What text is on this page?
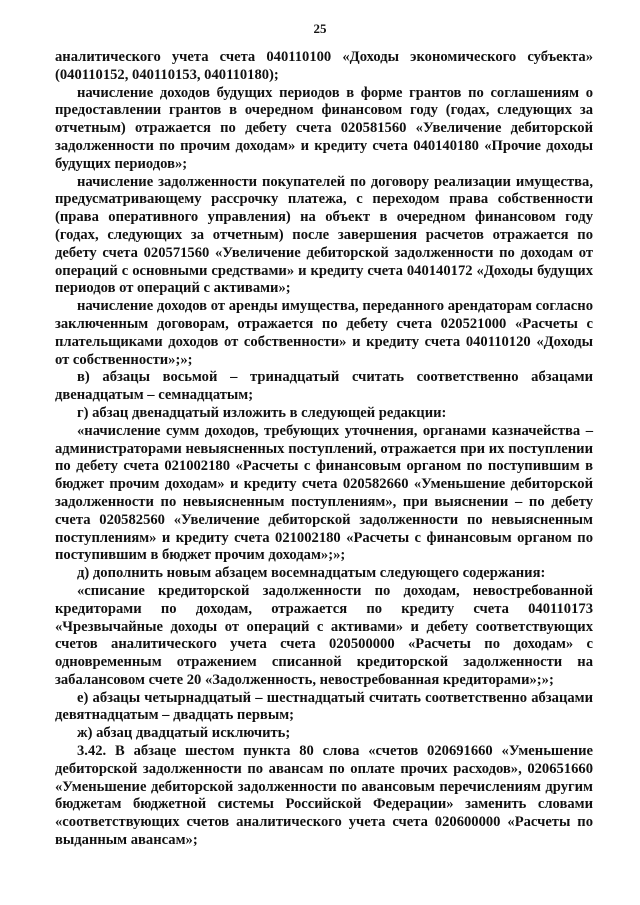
25

аналитического учета счета 040110100 «Доходы экономического субъекта» (040110152, 040110153, 040110180);

начисление доходов будущих периодов в форме грантов по соглашениям о предоставлении грантов в очередном финансовом году (годах, следующих за отчетным) отражается по дебету счета 020581560 «Увеличение дебиторской задолженности по прочим доходам» и кредиту счета 040140180 «Прочие доходы будущих периодов»;

начисление задолженности покупателей по договору реализации имущества, предусматривающему рассрочку платежа, с переходом права собственности (права оперативного управления) на объект в очередном финансовом году (годах, следующих за отчетным) после завершения расчетов отражается по дебету счета 020571560 «Увеличение дебиторской задолженности по доходам от операций с основными средствами» и кредиту счета 040140172 «Доходы будущих периодов от операций с активами»;

начисление доходов от аренды имущества, переданного арендаторам согласно заключенным договорам, отражается по дебету счета 020521000 «Расчеты с плательщиками доходов от собственности» и кредиту счета 040110120 «Доходы от собственности»;»;

в) абзацы восьмой – тринадцатый считать соответственно абзацами двенадцатым – семнадцатым;

г) абзац двенадцатый изложить в следующей редакции:

«начисление сумм доходов, требующих уточнения, органами казначейства – администраторами невыясненных поступлений, отражается при их поступлении по дебету счета 021002180 «Расчеты с финансовым органом по поступившим в бюджет прочим доходам» и кредиту счета 020582660 «Уменьшение дебиторской задолженности по невыясненным поступлениям», при выяснении – по дебету счета 020582560 «Увеличение дебиторской задолженности по невыясненным поступлениям» и кредиту счета 021002180 «Расчеты с финансовым органом по поступившим в бюджет прочим доходам»;»;

д) дополнить новым абзацем восемнадцатым следующего содержания:

«списание кредиторской задолженности по доходам, невостребованной кредиторами по доходам, отражается по кредиту счета 040110173 «Чрезвычайные доходы от операций с активами» и дебету соответствующих счетов аналитического учета счета 020500000 «Расчеты по доходам» с одновременным отражением списанной кредиторской задолженности на забалансовом счете 20 «Задолженность, невостребованная кредиторами»;»;

е) абзацы четырнадцатый – шестнадцатый считать соответственно абзацами девятнадцатым – двадцать первым;

ж) абзац двадцатый исключить;

3.42. В абзаце шестом пункта 80 слова «счетов 020691660 «Уменьшение дебиторской задолженности по авансам по оплате прочих расходов», 020651660 «Уменьшение дебиторской задолженности по авансовым перечислениям другим бюджетам бюджетной системы Российской Федерации» заменить словами «соответствующих счетов аналитического учета счета 020600000 «Расчеты по выданным авансам»;
